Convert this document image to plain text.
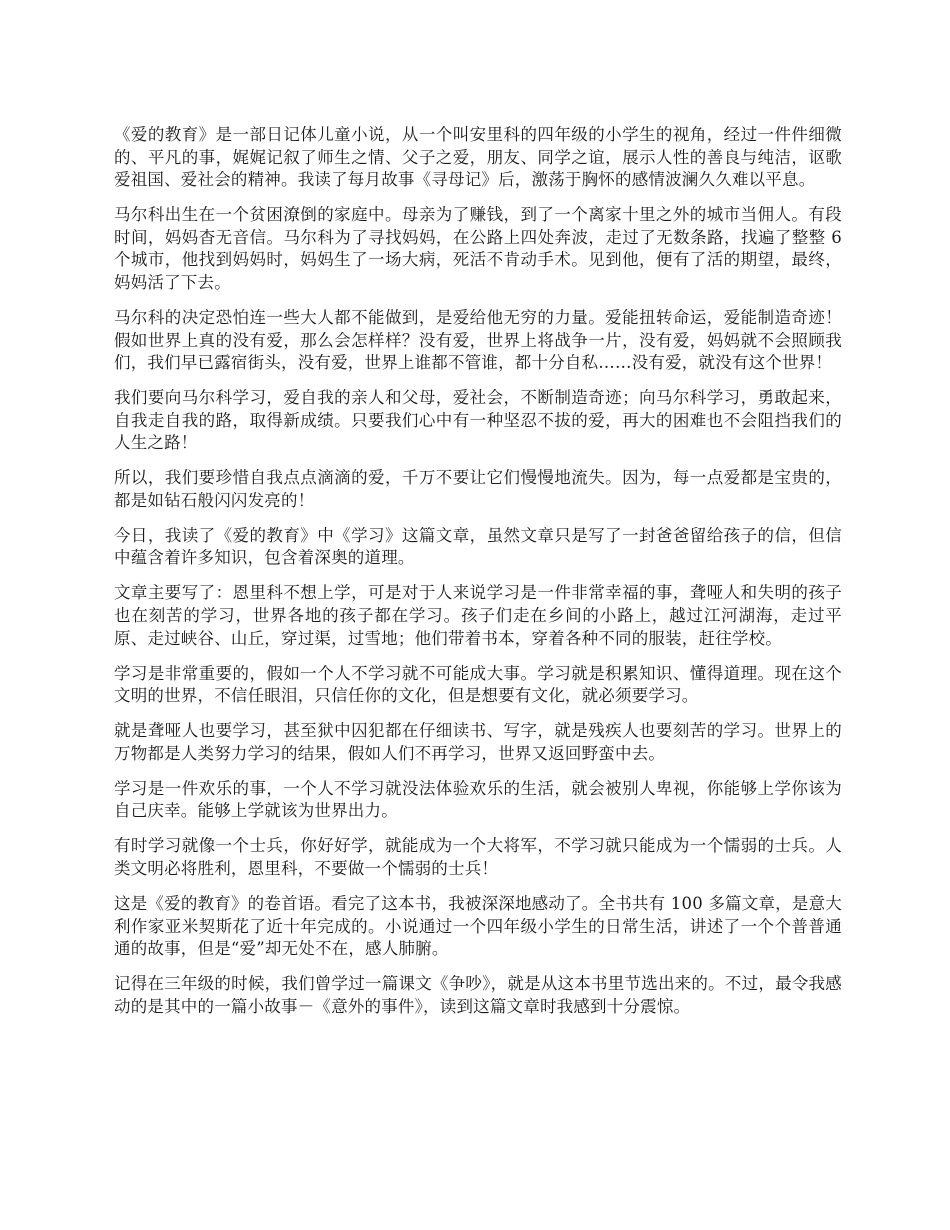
《爱的教育》是一部日记体儿童小说，从一个叫安里科的四年级的小学生的视角，经过一件件细微的、平凡的事，娓娓记叙了师生之情、父子之爱，朋友、同学之谊，展示人性的善良与纯洁，讴歌爱祖国、爱社会的精神。我读了每月故事《寻母记》后，激荡于胸怀的感情波澜久久难以平息。

马尔科出生在一个贫困潦倒的家庭中。母亲为了赚钱，到了一个离家十里之外的城市当佣人。有段时间，妈妈杳无音信。马尔科为了寻找妈妈，在公路上四处奔波，走过了无数条路，找遍了整整 6 个城市，他找到妈妈时，妈妈生了一场大病，死活不肯动手术。见到他，便有了活的期望，最终，妈妈活了下去。

马尔科的决定恐怕连一些大人都不能做到，是爱给他无穷的力量。爱能扭转命运，爱能制造奇迹！假如世界上真的没有爱，那么会怎样样？没有爱，世界上将战争一片，没有爱，妈妈就不会照顾我们，我们早已露宿街头，没有爱，世界上谁都不管谁，都十分自私……没有爱，就没有这个世界！

我们要向马尔科学习，爱自我的亲人和父母，爱社会，不断制造奇迹；向马尔科学习，勇敢起来，自我走自我的路，取得新成绩。只要我们心中有一种坚忍不拔的爱，再大的困难也不会阻挡我们的人生之路！

所以，我们要珍惜自我点点滴滴的爱，千万不要让它们慢慢地流失。因为，每一点爱都是宝贵的，都是如钻石般闪闪发亮的！

今日，我读了《爱的教育》中《学习》这篇文章，虽然文章只是写了一封爸爸留给孩子的信，但信中蕴含着许多知识，包含着深奥的道理。

文章主要写了：恩里科不想上学，可是对于人来说学习是一件非常幸福的事，聋哑人和失明的孩子也在刻苦的学习，世界各地的孩子都在学习。孩子们走在乡间的小路上，越过江河湖海，走过平原、走过峡谷、山丘，穿过渠，过雪地；他们带着书本，穿着各种不同的服装，赶往学校。

学习是非常重要的，假如一个人不学习就不可能成大事。学习就是积累知识、懂得道理。现在这个文明的世界，不信任眼泪，只信任你的文化，但是想要有文化，就必须要学习。

就是聋哑人也要学习，甚至狱中囚犯都在仔细读书、写字，就是残疾人也要刻苦的学习。世界上的万物都是人类努力学习的结果，假如人们不再学习，世界又返回野蛮中去。

学习是一件欢乐的事，一个人不学习就没法体验欢乐的生活，就会被别人卑视，你能够上学你该为自己庆幸。能够上学就该为世界出力。

有时学习就像一个士兵，你好好学，就能成为一个大将军，不学习就只能成为一个懦弱的士兵。人类文明必将胜利，恩里科，不要做一个懦弱的士兵！

这是《爱的教育》的卷首语。看完了这本书，我被深深地感动了。全书共有 100 多篇文章，是意大利作家亚米契斯花了近十年完成的。小说通过一个四年级小学生的日常生活，讲述了一个个普普通通的故事，但是“爱”却无处不在，感人肺腑。

记得在三年级的时候，我们曾学过一篇课文《争吵》，就是从这本书里节选出来的。不过，最令我感动的是其中的一篇小故事－《意外的事件》，读到这篇文章时我感到十分震惊。
